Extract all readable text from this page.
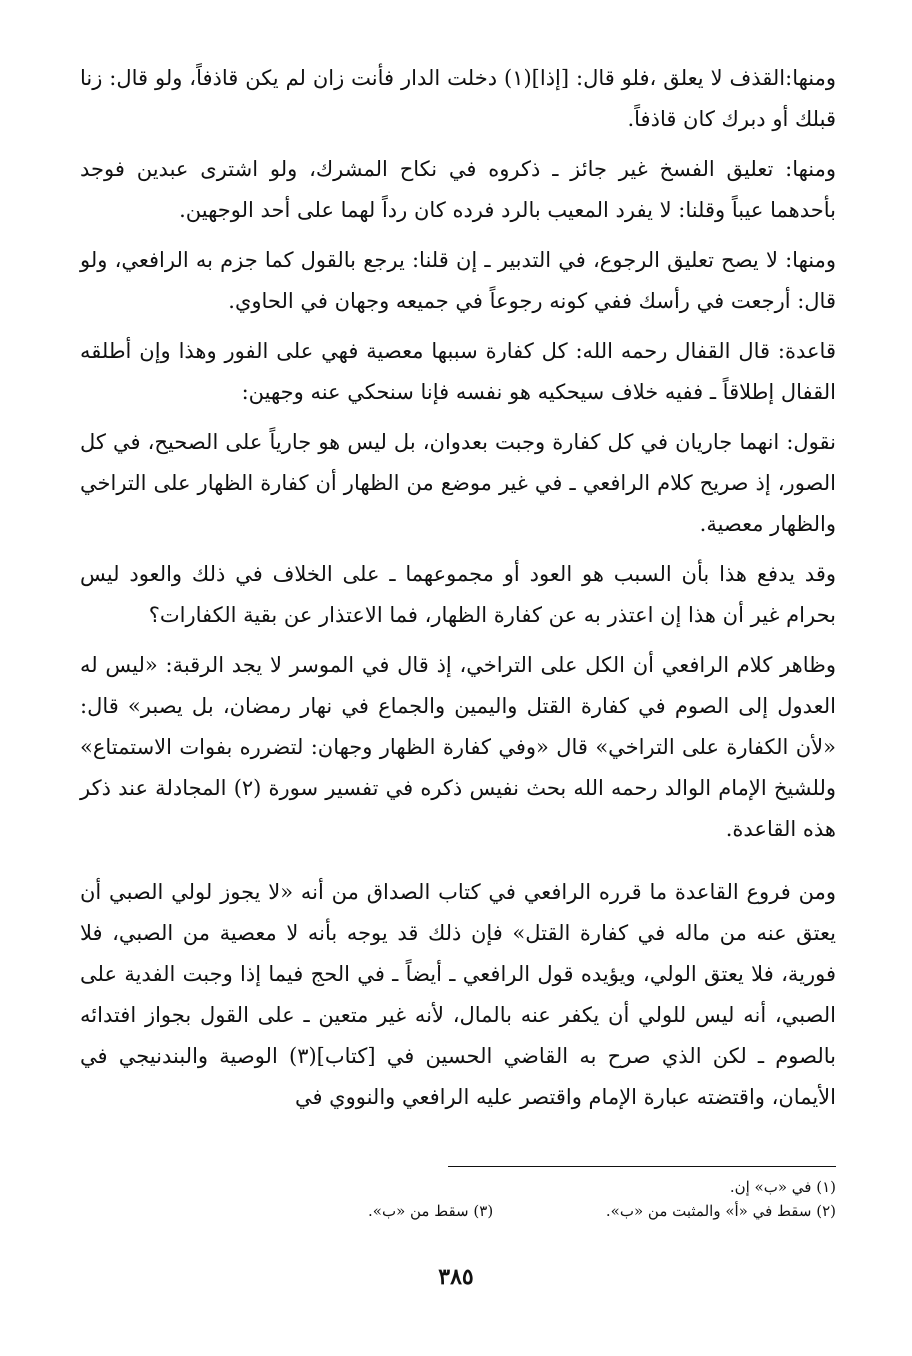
ومنها:القذف لا يعلق ،فلو قال: [إذا](١) دخلت الدار فأنت زان لم يكن قاذفاً، ولو قال: زنا قبلك أو دبرك كان قاذفاً.

ومنها: تعليق الفسخ غير جائز ـ ذكروه في نكاح المشرك، ولو اشترى عبدين فوجد بأحدهما عيباً وقلنا: لا يفرد المعيب بالرد فرده كان رداً لهما على أحد الوجهين.

ومنها: لا يصح تعليق الرجوع، في التدبير ـ إن قلنا: يرجع بالقول كما جزم به الرافعي، ولو قال: أرجعت في رأسك ففي كونه رجوعاً في جميعه وجهان في الحاوي.

قاعدة: قال القفال رحمه الله: كل كفارة سببها معصية فهي على الفور وهذا وإن أطلقه القفال إطلاقاً ـ ففيه خلاف سيحكيه هو نفسه فإنا سنحكي عنه وجهين:

نقول: انهما جاريان في كل كفارة وجبت بعدوان، بل ليس هو جارياً على الصحيح، في كل الصور، إذ صريح كلام الرافعي ـ في غير موضع من الظهار أن كفارة الظهار على التراخي والظهار معصية.

وقد يدفع هذا بأن السبب هو العود أو مجموعهما ـ على الخلاف في ذلك والعود ليس بحرام غير أن هذا إن اعتذر به عن كفارة الظهار، فما الاعتذار عن بقية الكفارات؟

وظاهر كلام الرافعي أن الكل على التراخي، إذ قال في الموسر لا يجد الرقبة: «ليس له العدول إلى الصوم في كفارة القتل واليمين والجماع في نهار رمضان، بل يصبر» قال: «لأن الكفارة على التراخي» قال «وفي كفارة الظهار وجهان: لتضرره بفوات الاستمتاع» وللشيخ الإمام الوالد رحمه الله بحث نفيس ذكره في تفسير سورة (٢) المجادلة عند ذكر هذه القاعدة.

ومن فروع القاعدة ما قرره الرافعي في كتاب الصداق من أنه «لا يجوز لولي الصبي أن يعتق عنه من ماله في كفارة القتل» فإن ذلك قد يوجه بأنه لا معصية من الصبي، فلا فورية، فلا يعتق الولي، ويؤيده قول الرافعي ـ أيضاً ـ في الحج فيما إذا وجبت الفدية على الصبي، أنه ليس للولي أن يكفر عنه بالمال، لأنه غير متعين ـ على القول بجواز افتدائه بالصوم ـ لكن الذي صرح به القاضي الحسين في [كتاب](٣) الوصية والبندنيجي في الأيمان، واقتضته عبارة الإمام واقتصر عليه الرافعي والنووي في

(١) في «ب» إن.
(٢) سقط في «أ» والمثبت من «ب».
(٣) سقط من «ب».
٣٨٥
